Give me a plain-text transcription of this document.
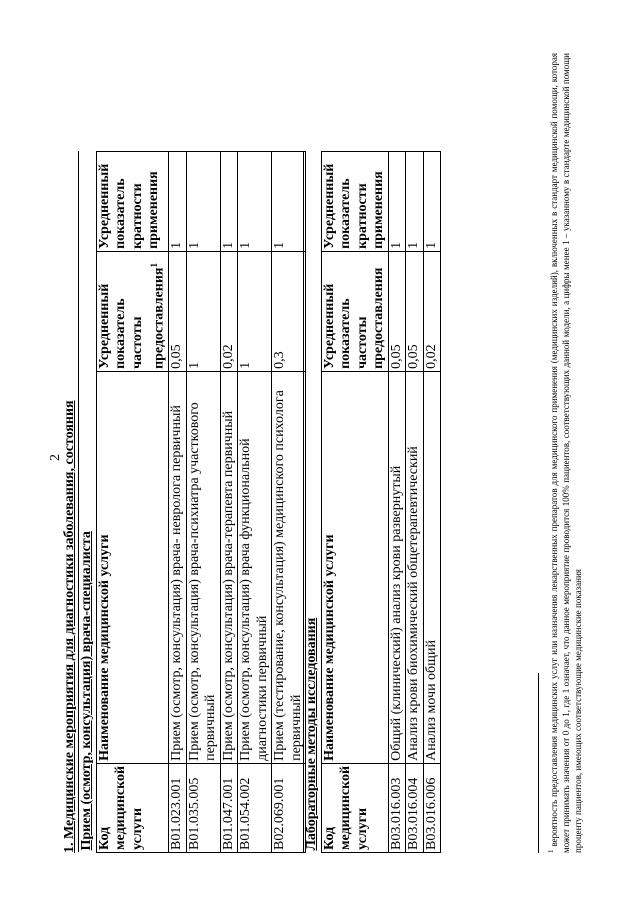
2 1. Медицинские мероприятия для диагностики заболевания, состояния Прием (осмотр, консультация) врача-специалиста			
Код медицинской услуги	Наименование медицинской услуги	Усредненный показатель частоты предоставления$^1$	Усредненный показатель кратности применения
B01.023.001	Прием (осмотр, консультация) врача- невролога первичный	0,05	1
B01.035.005	Прием (осмотр, консультация) врача-психиатра участкового первичный	1	1
B01.047.001	Прием (осмотр, консультация) врача-терапевта первичный	0,02	1
B01.054.002	Прием (осмотр, консультация) врача функциональной диагностики первичный	1	1
B02.069.001	Прием (тестирование, консультация) медицинского психолога первичный	0,3	1
Лабораторные методы исследования			
Код медицинской услуги	Наименование медицинской услуги	Усредненный показатель частоты предоставления	Усредненный показатель кратности применения
B03.016.003	Общий (клинический) анализ крови развернутый	0,05	1
B03.016.004	Анализ крови биохимический общетерапевтический	0,05	1
B03.016.006	Анализ мочи общий	0,02	1
$^1$ вероятность предоставления медицинских услуг или назначения лекарственных препаратов для медицинского применения (медицинских изделий), включенных в стандарт медицинской помощи, которая может принимать значения от 0 до 1, где 1 означает, что данное мероприятие проводится 100% пациентов, соответствующих данной модели, а цифры менее 1 – указанному в стандарте медицинской помощи проценту пациентов, имеющих соответствующие медицинские показания
